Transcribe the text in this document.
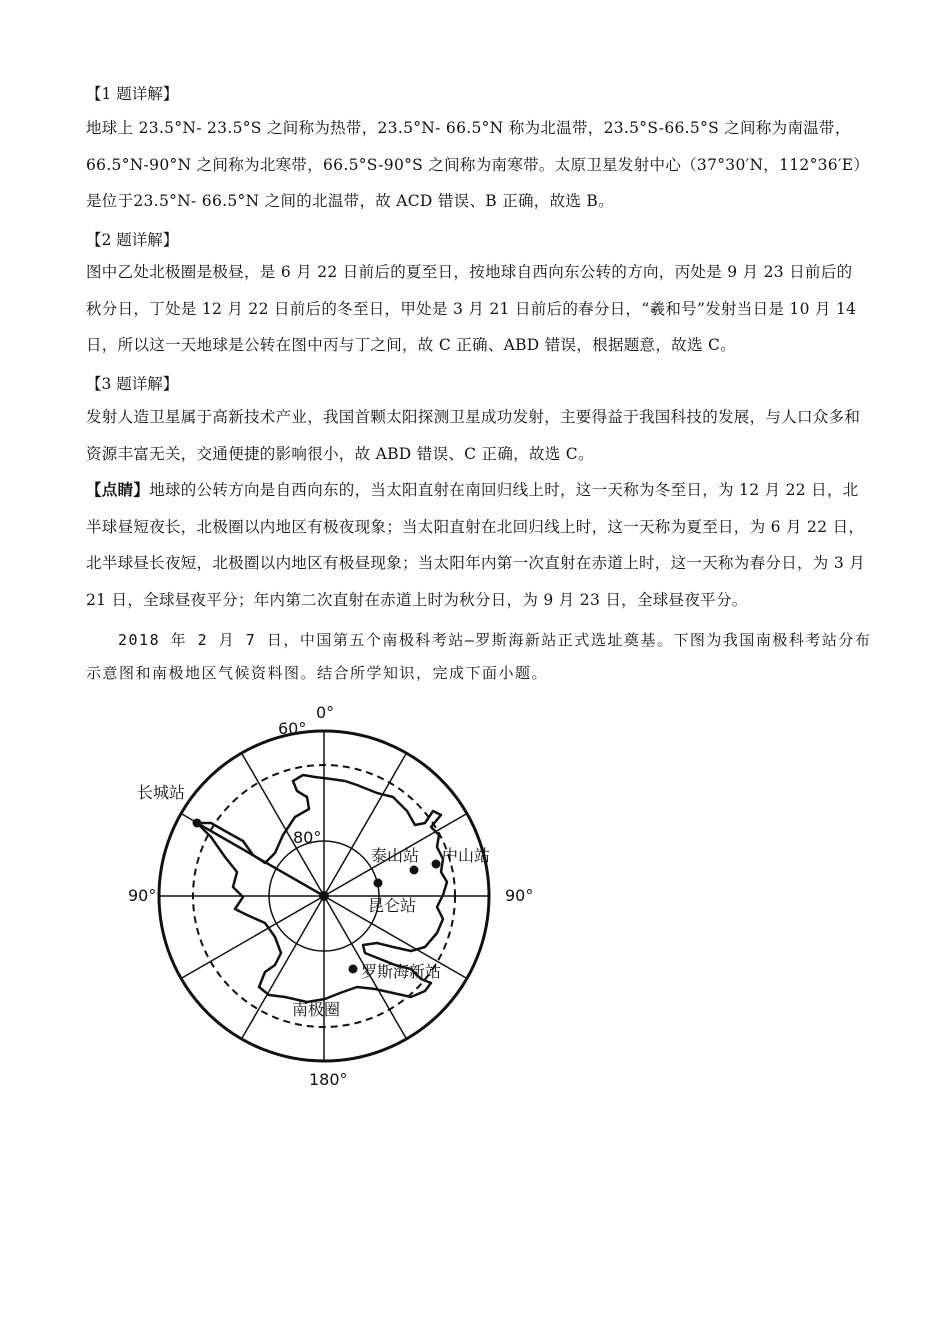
【1 题详解】

地球上 23.5°N- 23.5°S 之间称为热带，23.5°N- 66.5°N 称为北温带，23.5°S-66.5°S 之间称为南温带，66.5°N-90°N 之间称为北寒带，66.5°S-90°S 之间称为南寒带。太原卫星发射中心（37°30′N，112°36′E）是位于23.5°N- 66.5°N 之间的北温带，故 ACD 错误、B 正确，故选 B。

【2 题详解】

图中乙处北极圈是极昼，是 6 月 22 日前后的夏至日，按地球自西向东公转的方向，丙处是 9 月 23 日前后的秋分日，丁处是 12 月 22 日前后的冬至日，甲处是 3 月 21 日前后的春分日，“羲和号”发射当日是 10 月 14 日，所以这一天地球是公转在图中丙与丁之间，故 C 正确、ABD 错误，根据题意，故选 C。

【3 题详解】

发射人造卫星属于高新技术产业，我国首颗太阳探测卫星成功发射，主要得益于我国科技的发展，与人口众多和资源丰富无关，交通便捷的影响很小，故 ABD 错误、C 正确，故选 C。

【点睛】地球的公转方向是自西向东的，当太阳直射在南回归线上时，这一天称为冬至日，为 12 月 22 日，北半球昼短夜长，北极圈以内地区有极夜现象；当太阳直射在北回归线上时，这一天称为夏至日，为 6 月 22 日，北半球昼长夜短，北极圈以内地区有极昼现象；当太阳年内第一次直射在赤道上时，这一天称为春分日，为 3 月 21 日，全球昼夜平分；年内第二次直射在赤道上时为秋分日，为 9 月 23 日，全球昼夜平分。

2018 年 2 月 7 日，中国第五个南极科考站—罗斯海新站正式选址奠基。下图为我国南极科考站分布示意图和南极地区气候资料图。结合所学知识，完成下面小题。

0°
60°
80°
90°	90°
180°
长城站
泰山站 中山站
昆仑站
罗斯海新站
南极圈
